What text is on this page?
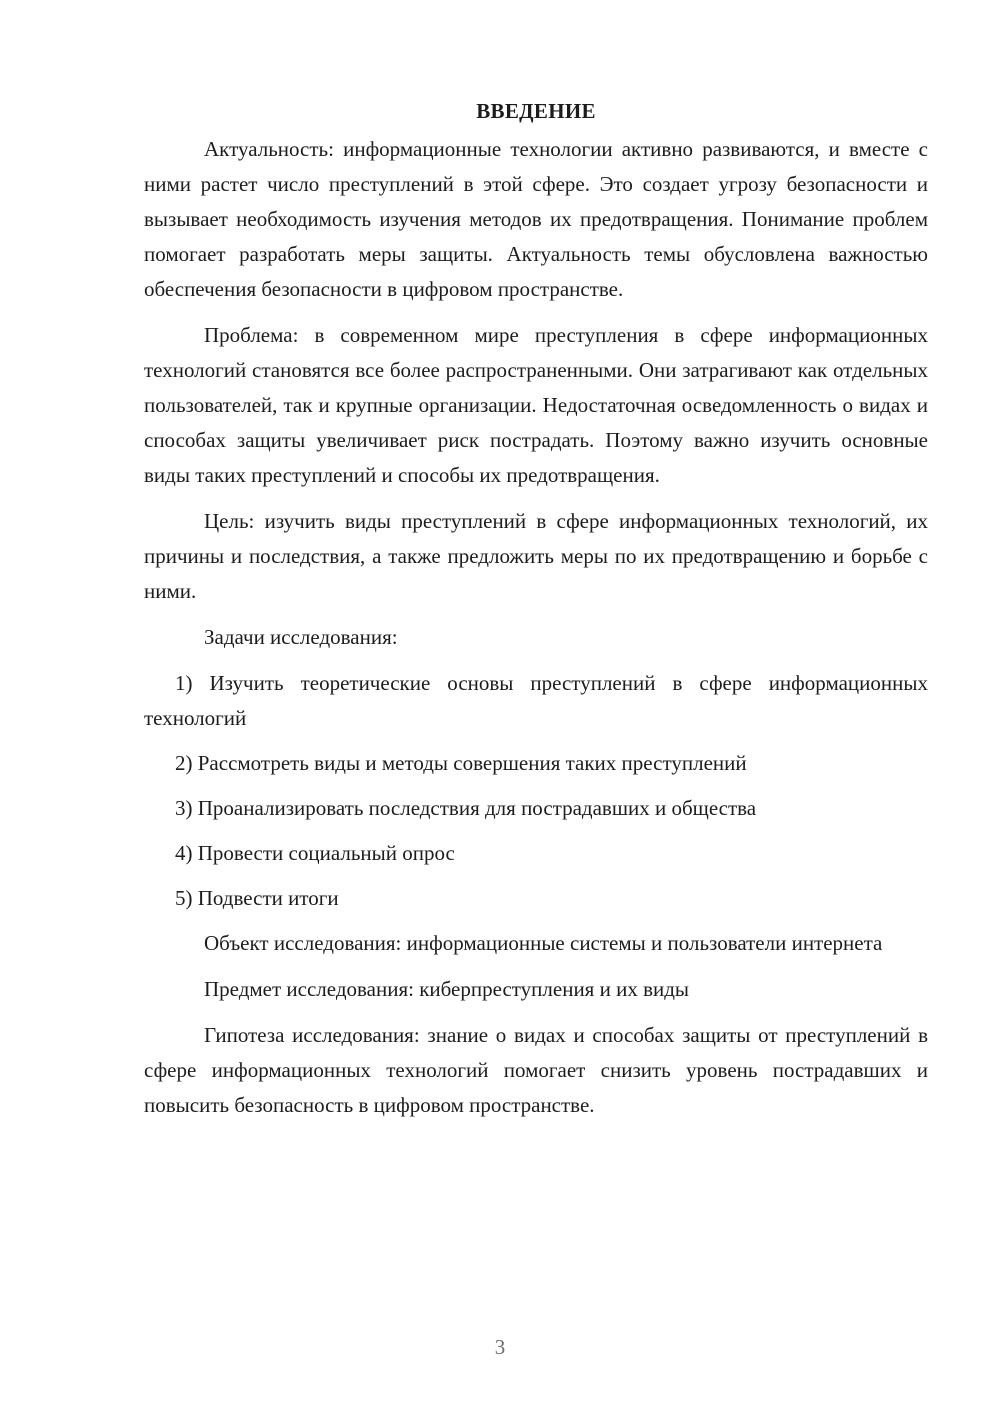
ВВЕДЕНИЕ

Актуальность: информационные технологии активно развиваются, и вместе с ними растет число преступлений в этой сфере. Это создает угрозу безопасности и вызывает необходимость изучения методов их предотвращения. Понимание проблем помогает разработать меры защиты. Актуальность темы обусловлена важностью обеспечения безопасности в цифровом пространстве.

Проблема: в современном мире преступления в сфере информационных технологий становятся все более распространенными. Они затрагивают как отдельных пользователей, так и крупные организации. Недостаточная осведомленность о видах и способах защиты увеличивает риск пострадать. Поэтому важно изучить основные виды таких преступлений и способы их предотвращения.

Цель: изучить виды преступлений в сфере информационных технологий, их причины и последствия, а также предложить меры по их предотвращению и борьбе с ними.

Задачи исследования:

1) Изучить теоретические основы преступлений в сфере информационных технологий

2) Рассмотреть виды и методы совершения таких преступлений

3) Проанализировать последствия для пострадавших и общества

4) Провести социальный опрос

5) Подвести итоги

Объект исследования: информационные системы и пользователи интернета

Предмет исследования: киберпреступления и их виды

Гипотеза исследования: знание о видах и способах защиты от преступлений в сфере информационных технологий помогает снизить уровень пострадавших и повысить безопасность в цифровом пространстве.

3
